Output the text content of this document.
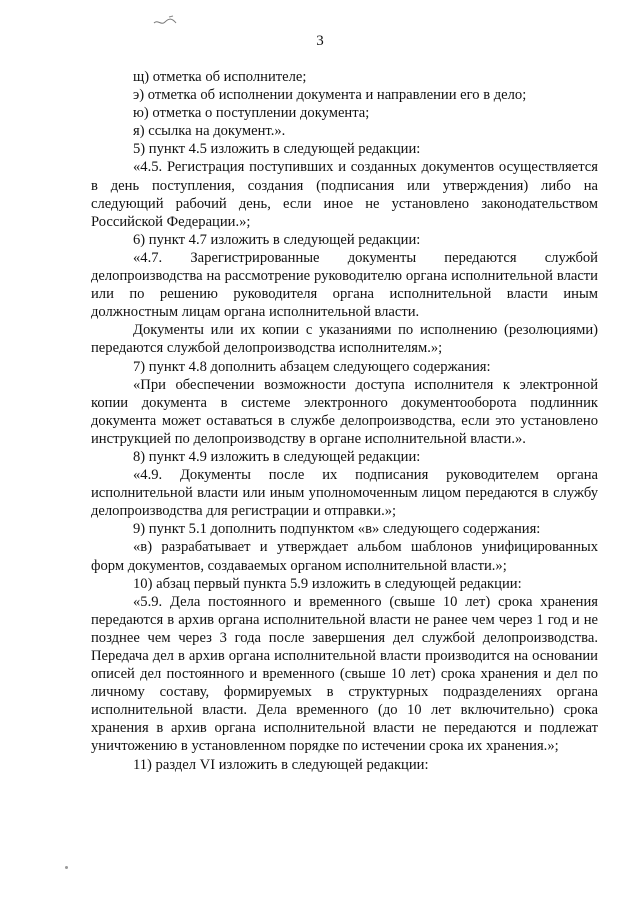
3

щ) отметка об исполнителе;

э) отметка об исполнении документа и направлении его в дело;

ю) отметка о поступлении документа;

я) ссылка на документ.».

5) пункт 4.5 изложить в следующей редакции:

«4.5. Регистрация поступивших и созданных документов осуществляется в день поступления, создания (подписания или утверждения) либо на следующий рабочий день, если иное не установлено законодательством Российской Федерации.»;

6) пункт 4.7 изложить в следующей редакции:

«4.7. Зарегистрированные документы передаются службой делопроизводства на рассмотрение руководителю органа исполнительной власти или по решению руководителя органа исполнительной власти иным должностным лицам органа исполнительной власти.

Документы или их копии с указаниями по исполнению (резолюциями) передаются службой делопроизводства исполнителям.»;

7) пункт 4.8 дополнить абзацем следующего содержания:

«При обеспечении возможности доступа исполнителя к электронной копии документа в системе электронного документооборота подлинник документа может оставаться в службе делопроизводства, если это установлено инструкцией по делопроизводству в органе исполнительной власти.».

8) пункт 4.9 изложить в следующей редакции:

«4.9. Документы после их подписания руководителем органа исполнительной власти или иным уполномоченным лицом передаются в службу делопроизводства для регистрации и отправки.»;

9) пункт 5.1 дополнить подпунктом «в» следующего содержания:

«в) разрабатывает и утверждает альбом шаблонов унифицированных форм документов, создаваемых органом исполнительной власти.»;

10) абзац первый пункта 5.9 изложить в следующей редакции:

«5.9. Дела постоянного и временного (свыше 10 лет) срока хранения передаются в архив органа исполнительной власти не ранее чем через 1 год и не позднее чем через 3 года после завершения дел службой делопроизводства. Передача дел в архив органа исполнительной власти производится на основании описей дел постоянного и временного (свыше 10 лет) срока хранения и дел по личному составу, формируемых в структурных подразделениях органа исполнительной власти. Дела временного (до 10 лет включительно) срока хранения в архив органа исполнительной власти не передаются и подлежат уничтожению в установленном порядке по истечении срока их хранения.»;

11) раздел VI изложить в следующей редакции:
